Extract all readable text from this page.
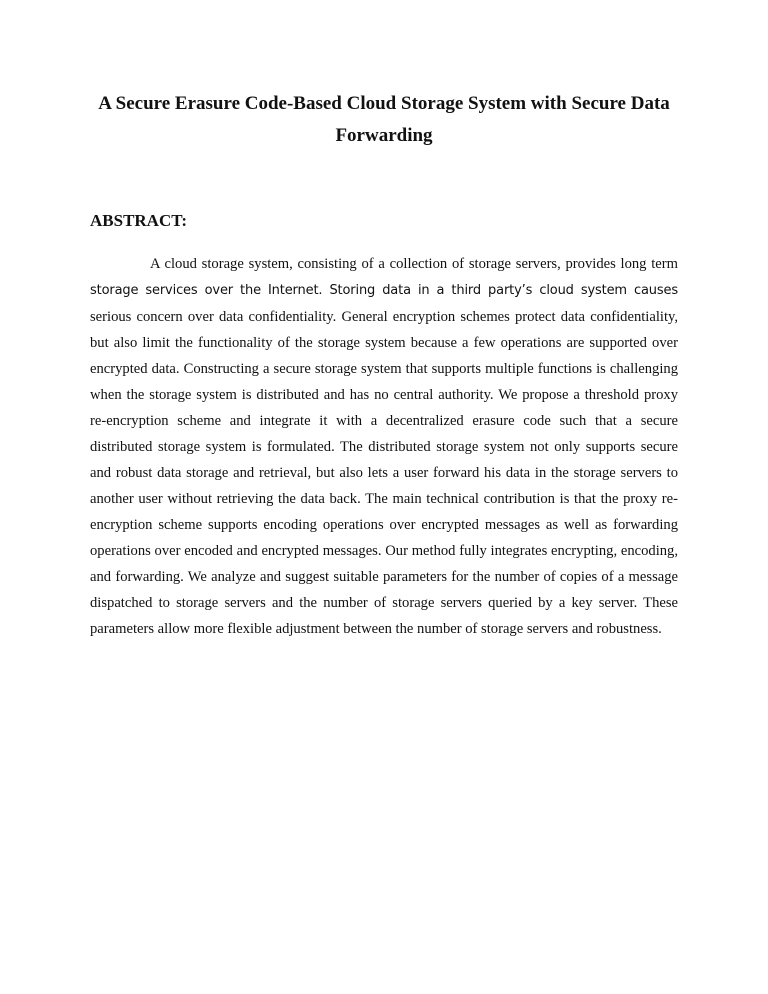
A Secure Erasure Code-Based Cloud Storage System with Secure Data Forwarding
ABSTRACT:

A cloud storage system, consisting of a collection of storage servers, provides long term storage services over the Internet. Storing data in a third party’s cloud system causes serious concern over data confidentiality. General encryption schemes protect data confidentiality, but also limit the functionality of the storage system because a few operations are supported over encrypted data. Constructing a secure storage system that supports multiple functions is challenging when the storage system is distributed and has no central authority. We propose a threshold proxy re-encryption scheme and integrate it with a decentralized erasure code such that a secure distributed storage system is formulated. The distributed storage system not only supports secure and robust data storage and retrieval, but also lets a user forward his data in the storage servers to another user without retrieving the data back. The main technical contribution is that the proxy re-encryption scheme supports encoding operations over encrypted messages as well as forwarding operations over encoded and encrypted messages. Our method fully integrates encrypting, encoding, and forwarding. We analyze and suggest suitable parameters for the number of copies of a message dispatched to storage servers and the number of storage servers queried by a key server. These parameters allow more flexible adjustment between the number of storage servers and robustness.
